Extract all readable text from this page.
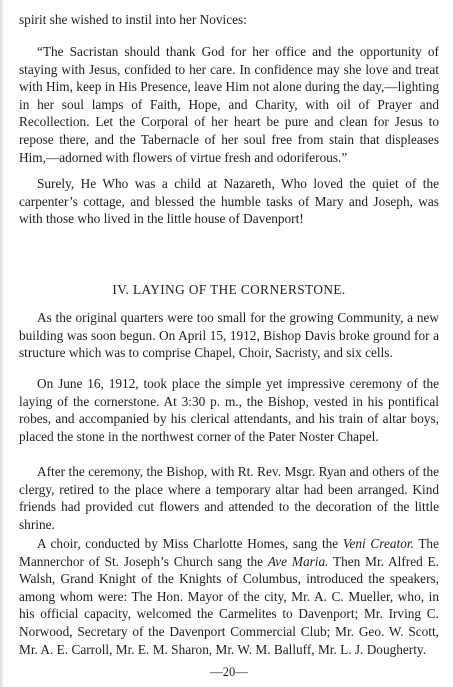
spirit she wished to instil into her Novices:

“The Sacristan should thank God for her office and the opportunity of staying with Jesus, confided to her care. In confidence may she love and treat with Him, keep in His Presence, leave Him not alone during the day,—lighting in her soul lamps of Faith, Hope, and Charity, with oil of Prayer and Recollection. Let the Corporal of her heart be pure and clean for Jesus to repose there, and the Tabernacle of her soul free from stain that displeases Him,—adorned with flowers of virtue fresh and odoriferous.”

Surely, He Who was a child at Nazareth, Who loved the quiet of the carpenter’s cottage, and blessed the humble tasks of Mary and Joseph, was with those who lived in the little house of Davenport!

IV. LAYING OF THE CORNERSTONE.

As the original quarters were too small for the growing Community, a new building was soon begun. On April 15, 1912, Bishop Davis broke ground for a structure which was to comprise Chapel, Choir, Sacristy, and six cells.

On June 16, 1912, took place the simple yet impressive ceremony of the laying of the cornerstone. At 3:30 p. m., the Bishop, vested in his pontifical robes, and accompanied by his clerical attendants, and his train of altar boys, placed the stone in the northwest corner of the Pater Noster Chapel.

After the ceremony, the Bishop, with Rt. Rev. Msgr. Ryan and others of the clergy, retired to the place where a temporary altar had been arranged. Kind friends had provided cut flowers and attended to the decoration of the little shrine.

A choir, conducted by Miss Charlotte Homes, sang the Veni Creator. The Mannerchor of St. Joseph’s Church sang the Ave Maria. Then Mr. Alfred E. Walsh, Grand Knight of the Knights of Columbus, introduced the speakers, among whom were: The Hon. Mayor of the city, Mr. A. C. Mueller, who, in his official capacity, welcomed the Carmelites to Davenport; Mr. Irving C. Norwood, Secretary of the Davenport Commercial Club; Mr. Geo. W. Scott, Mr. A. E. Carroll, Mr. E. M. Sharon, Mr. W. M. Balluff, Mr. L. J. Dougherty.

—20—
